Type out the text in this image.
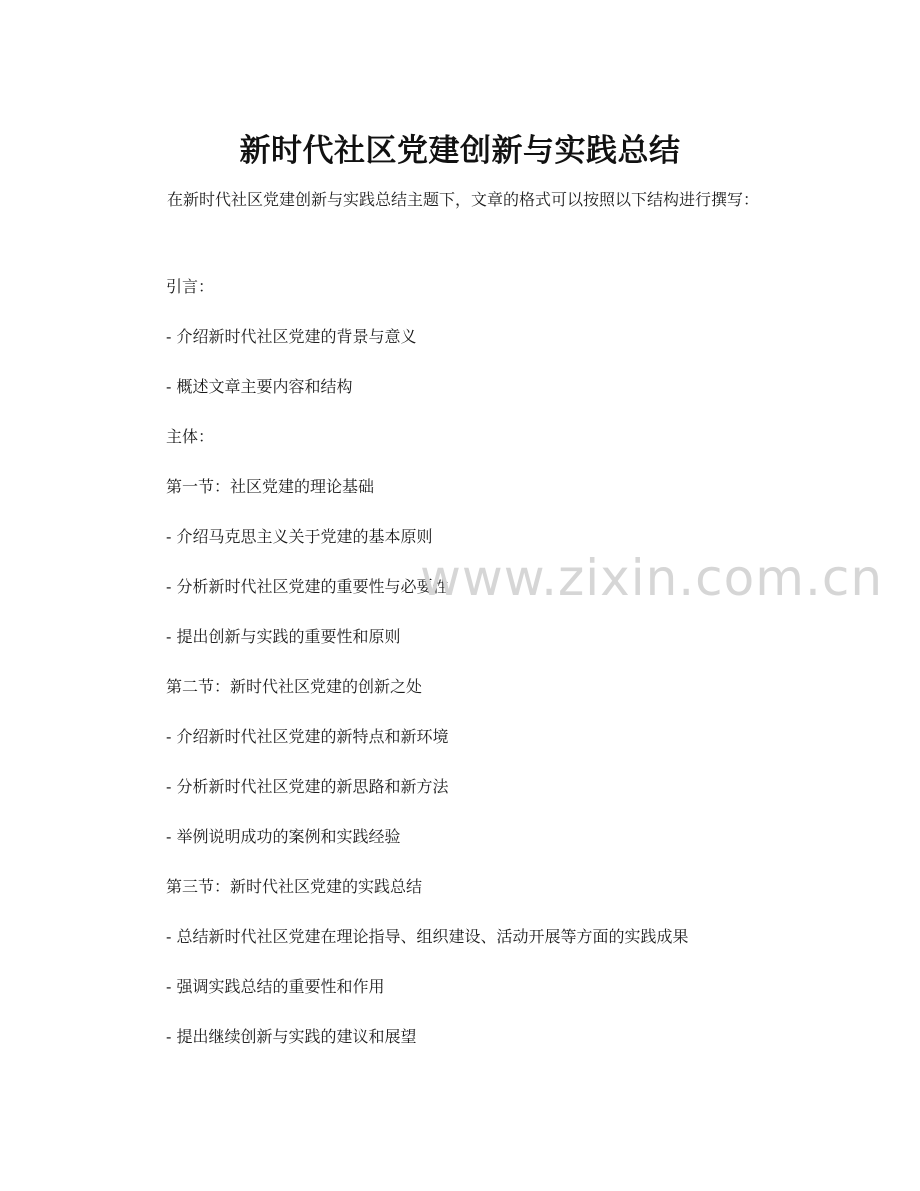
新时代社区党建创新与实践总结

在新时代社区党建创新与实践总结主题下，文章的格式可以按照以下结构进行撰写：

引言：

- 介绍新时代社区党建的背景与意义

- 概述文章主要内容和结构

主体：

第一节：社区党建的理论基础

- 介绍马克思主义关于党建的基本原则

- 分析新时代社区党建的重要性与必要性

- 提出创新与实践的重要性和原则

第二节：新时代社区党建的创新之处

- 介绍新时代社区党建的新特点和新环境

- 分析新时代社区党建的新思路和新方法

- 举例说明成功的案例和实践经验

第三节：新时代社区党建的实践总结

- 总结新时代社区党建在理论指导、组织建设、活动开展等方面的实践成果

- 强调实践总结的重要性和作用

- 提出继续创新与实践的建议和展望

www.zixin.com.cn
